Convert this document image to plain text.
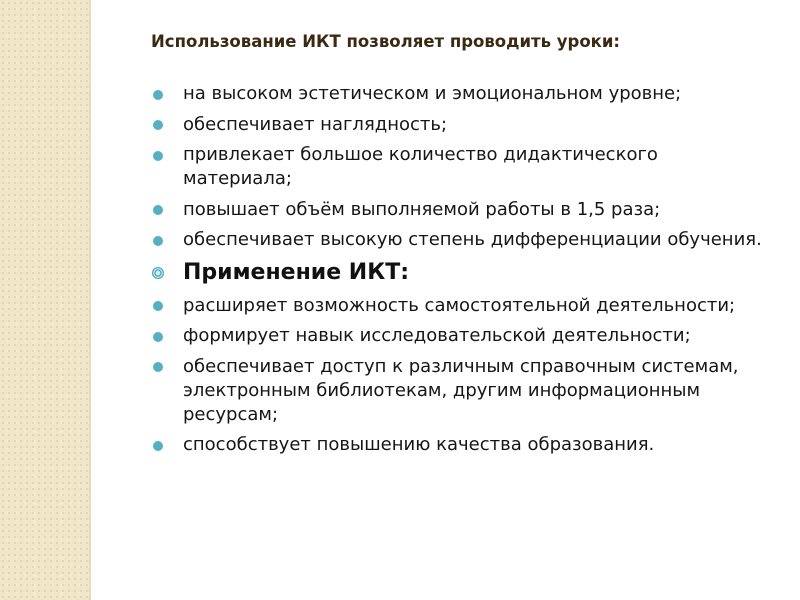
Использование ИКТ позволяет проводить уроки:
на высоком эстетическом и эмоциональном уровне;
обеспечивает наглядность;
привлекает большое количество дидактического материала;
повышает объём выполняемой работы в 1,5 раза;
обеспечивает высокую степень дифференциации обучения.
Применение ИКТ:
расширяет возможность самостоятельной деятельности;
формирует навык исследовательской деятельности;
обеспечивает доступ к различным справочным системам, электронным библиотекам, другим информационным ресурсам;
способствует повышению качества образования.
